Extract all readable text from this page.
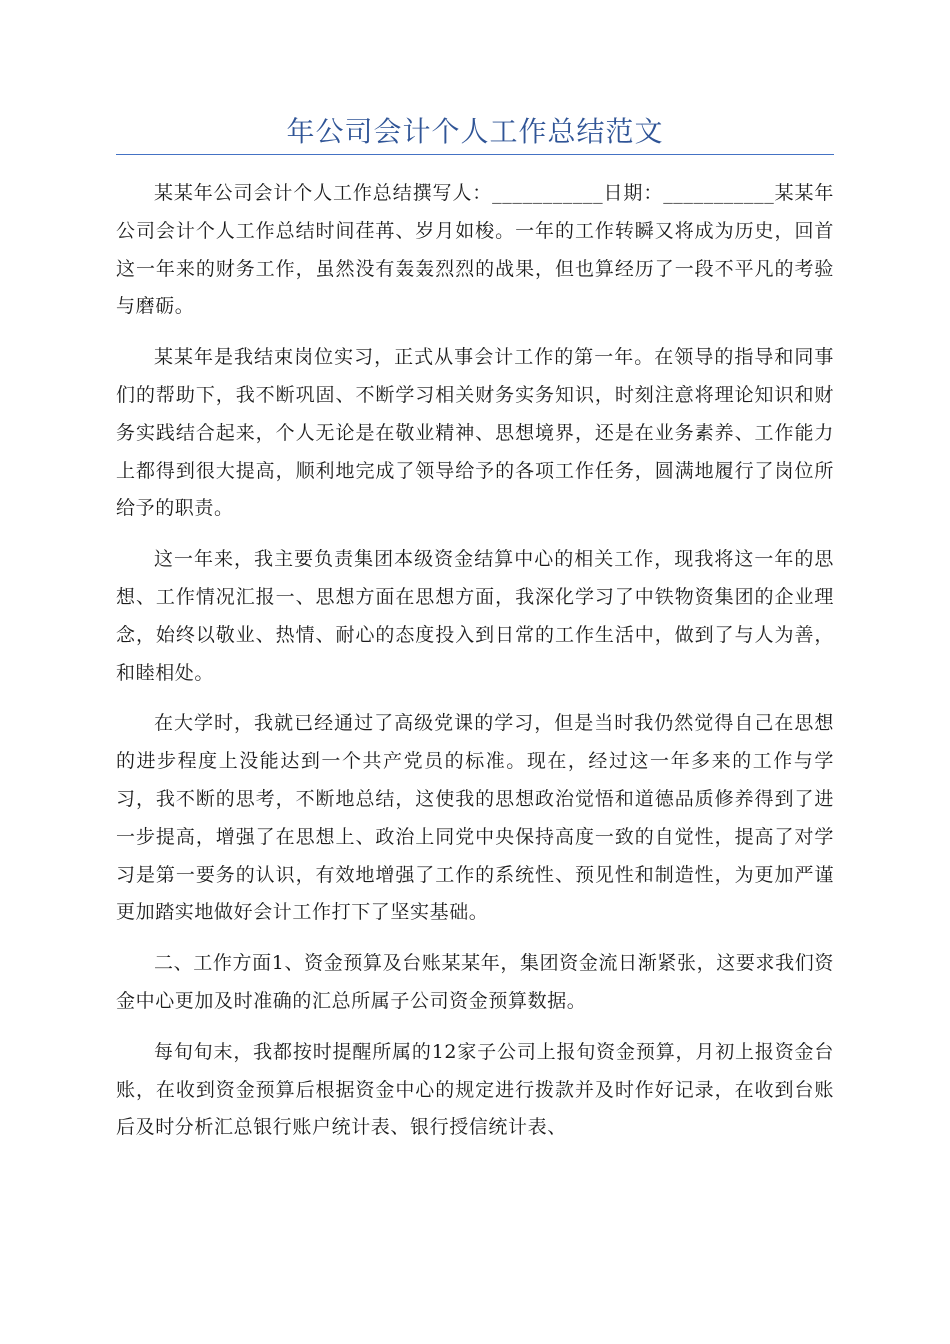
年公司会计个人工作总结范文

某某年公司会计个人工作总结撰写人：___________日期：___________某某年公司会计个人工作总结时间荏苒、岁月如梭。一年的工作转瞬又将成为历史，回首这一年来的财务工作，虽然没有轰轰烈烈的战果，但也算经历了一段不平凡的考验与磨砺。

某某年是我结束岗位实习，正式从事会计工作的第一年。在领导的指导和同事们的帮助下，我不断巩固、不断学习相关财务实务知识，时刻注意将理论知识和财　务实践结合起来，个人无论是在敬业精神、思想境界，还是在业务素养、工作能力上都得到很大提高，顺利地完成了领导给予的各项工作任务，圆满地履行了岗位所给予的职责。

这一年来，我主要负责集团本级资金结算中心的相关工作，现我将这一年的思想、工作情况汇报一、思想方面在思想方面，我深化学习了中铁物资集团的企业理念，始终以敬业、热情、耐心的态度投入到日常的工作生活中，做到了与人为善，和睦相处。

在大学时，我就已经通过了高级党课的学习，但是当时我仍然觉得自己在思想的进步程度上没能达到一个共产党员的标准。现在，经过这一年多来的工作与学习，我不断的思考，不断地总结，这使我的思想政治觉悟和道德品质修养得到了进一步提高，增强了在思想上、政治上同党中央保持高度一致的自觉性，提高了对学习是第一要务的认识，有效地增强了工作的系统性、预见性和制造性，为更加严谨更加踏实地做好会计工作打下了坚实基础。

二、工作方面1、资金预算及台账某某年，集团资金流日渐紧张，这要求我们资金中心更加及时准确的汇总所属子公司资金预算数据。

每旬旬末，我都按时提醒所属的12家子公司上报旬资金预算，月初上报资金台账，在收到资金预算后根据资金中心的规定进行拨款并及时作好记录，在收到台账后及时分析汇总银行账户统计表、银行授信统计表、
